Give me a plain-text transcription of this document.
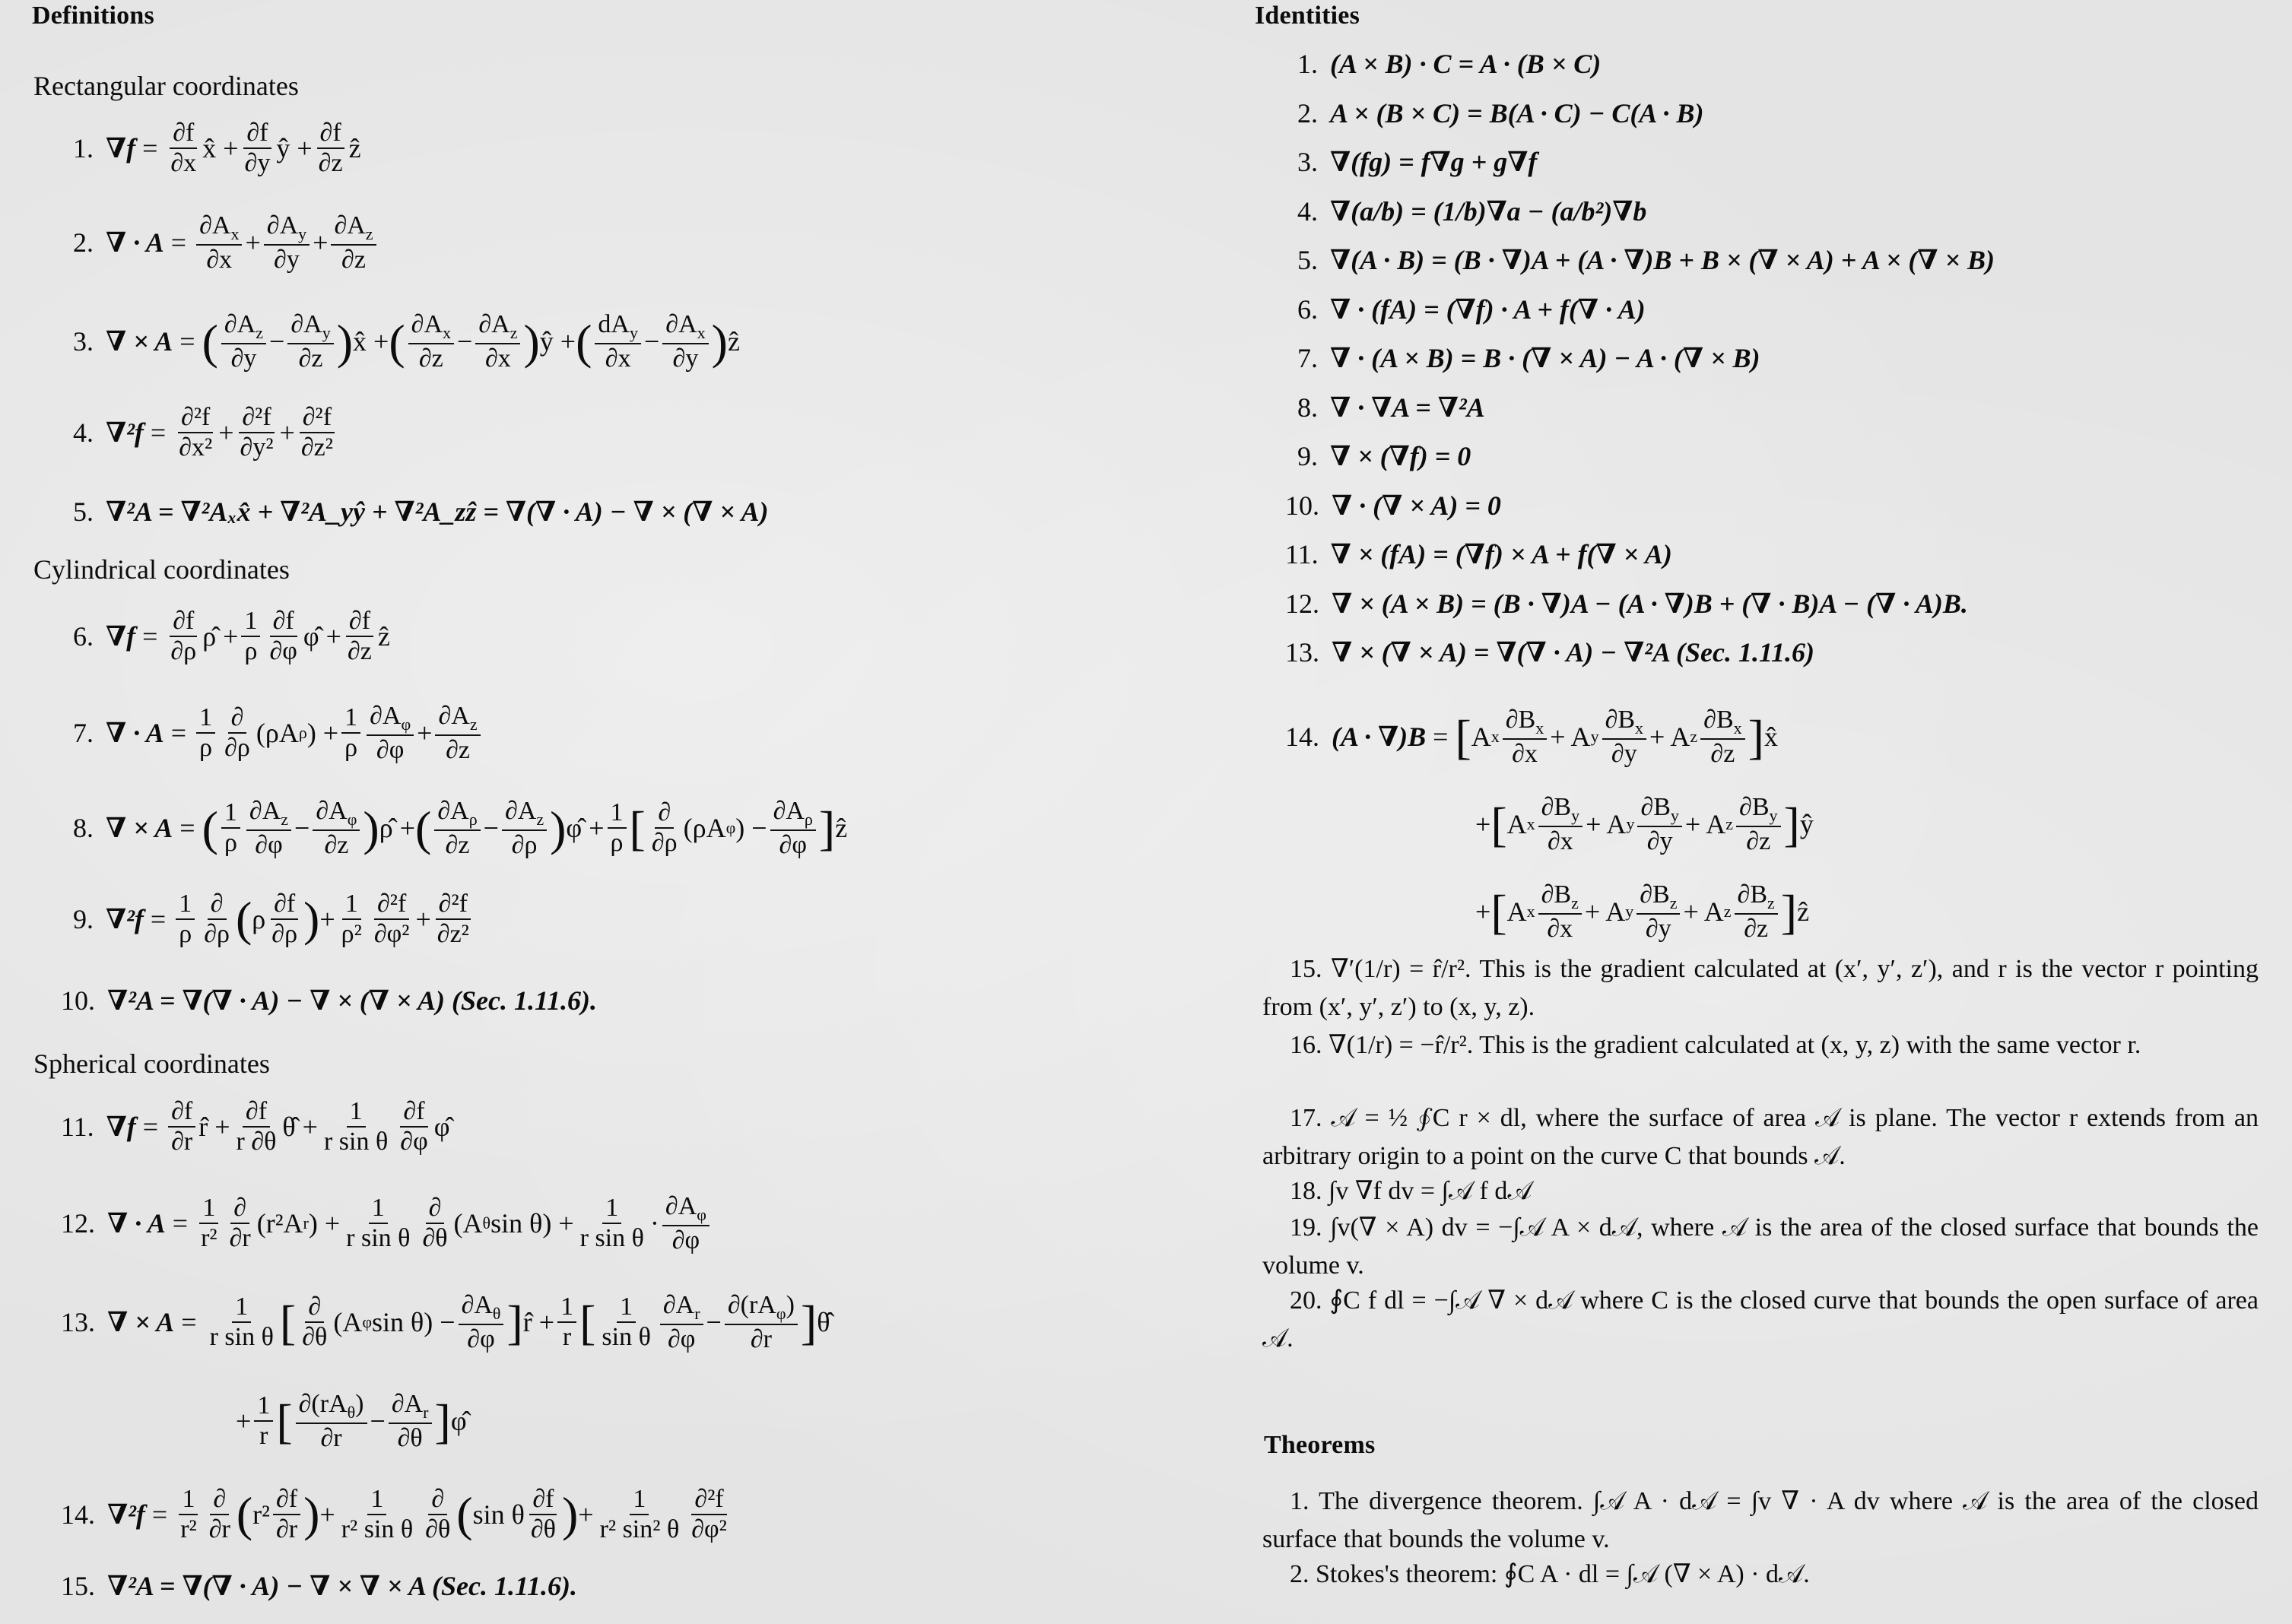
Definitions
Rectangular coordinates
1. $\nabla f = \frac{\partial f}{\partial x}$ x̂ + $\frac{\partial f}{\partial y}$ ŷ + $\frac{\partial f}{\partial z}$ ẑ
2. ∇ · $A = \frac{\partial A_x}{\partial x} + \frac{\partial A_y}{\partial y} + \frac{\partial A_z}{\partial z}$
3. ∇ × A = ( $\frac{\partial A_z}{\partial y} - \frac{\partial A_y}{\partial z}$ ) x̂ + ( $\frac{\partial A_x}{\partial z} - \frac{\partial A_z}{\partial x}$ ) ŷ + ( $\frac{dA_y}{\partial x} - \frac{\partial A_x}{\partial y}$ ) ẑ
4. $\nabla^2f = \frac{\text{∂²f}}{\text{∂x²}} + \frac{\text{∂²f}}{\text{∂y²}} + \frac{\text{∂²f}}{\text{∂z²}}$
5. ∇²A = ∇²Aₓx̂ + ∇²A_yŷ + ∇²A_zẑ = ∇(∇ · A) − ∇ × (∇ × A)
Cylindrical coordinates
6. $\nabla f = \frac{\partial f}{\partial\rho}$ ρ̂ + $\frac{1}{\rho} \frac{\partial f}{\partial\varphi}$ φ̂ + $\frac{\partial f}{\partial z}$ ẑ
7. ∇ · $A = \frac{1}{\rho} \frac{\partial}{\partial\rho} (\rho A$ ρ ) + $\frac{1}{\rho} \frac{\partial A_\varphi}{\partial\varphi} + \frac{\partial A_z}{\partial z}$
8. ∇ × A = ( $\frac{1}{\rho} \frac{\partial A_z}{\partial\varphi} - \frac{\partial A_\varphi}{\partial z}$ ) ρ̂ + ( $\frac{\partial A_\rho}{\partial z} - \frac{\partial A_z}{\partial\rho}$ ) φ̂ + $\frac{1}{\rho}$ [ $\frac{\partial}{\partial\rho} (\rho A$ φ ) − $\frac{\partial A_\rho}{\partial\varphi}$ ] ẑ
9. $\nabla^2f = \frac{1}{\rho} \frac{\partial}{\partial\rho}$ ( ρ $\frac{\partial f}{\partial\rho}$ ) + $\frac{1}{\text{ρ²}} \frac{\text{∂²f}}{\text{∂φ²}} + \frac{\text{∂²f}}{\text{∂z²}}$
10. ∇²A = ∇(∇ · A) − ∇ × (∇ × A) (Sec. 1.11.6).
Spherical coordinates
11. $\nabla f = \frac{\partial f}{\partial r}$ r̂ + $\frac{\partial f}{r \partial\theta}$ θ̂ + $\frac{1}{\text{r sin θ}} \frac{\partial f}{\partial\varphi}$ φ̂
12. ∇ · $A = \frac{1}{\text{r²}} \frac{\partial}{\partial r} (r^2A$ r ) + $\frac{1}{\text{r sin θ}} \frac{\partial}{\partial\theta} (A$ θ $\sin \theta) + \frac{1}{\text{r sin θ}} \cdot \frac{\partial A_\varphi}{\partial\varphi}$
13. ∇ × $A = \frac{1}{\text{r sin θ}}$ [ $\frac{\partial}{\partial\theta} (A$ φ $\sin \theta) - \frac{\partial A_\theta}{\partial\varphi}$ ] r̂ + $\frac{1}{r}$ [ $\frac{1}{\text{sin θ}} \frac{\partial A_r}{\partial\varphi} - \frac{\partial(rA_\varphi)}{\partial r}$ ] θ̂
+ $\frac{1}{r}$ [ $\frac{\partial(rA_\theta)}{\partial r} - \frac{\partial A_r}{\partial\theta}$ ] φ̂
14. $\nabla^2f = \frac{1}{\text{r²}} \frac{\partial}{\partial r}$ ( $r^2 \frac{\partial f}{\partial r}$ ) + $\frac{1}{\text{r² sin θ}} \frac{\partial}{\partial\theta}$ ( sin θ $\frac{\partial f}{\partial\theta}$ ) + $\frac{1}{\text{r² sin² θ}} \frac{\text{∂²f}}{\text{∂φ²}}$
15. ∇²A = ∇(∇ · A) − ∇ × ∇ × A (Sec. 1.11.6).
Identities
1. (A × B) · C = A · (B × C)
2. A × (B × C) = B(A · C) − C(A · B)
3. ∇(fg) = f∇g + g∇f
4. ∇(a/b) = (1/b)∇a − (a/b²)∇b
5. ∇(A · B) = (B · ∇)A + (A · ∇)B + B × (∇ × A) + A × (∇ × B)
6. ∇ · (fA) = (∇f) · A + f(∇ · A)
7. ∇ · (A × B) = B · (∇ × A) − A · (∇ × B)
8. ∇ · ∇A = ∇²A
9. ∇ × (∇f) = 0
10. ∇ · (∇ × A) = 0
11. ∇ × (fA) = (∇f) × A + f(∇ × A)
12. ∇ × (A × B) = (B · ∇)A − (A · ∇)B + (∇ · B)A − (∇ · A)B.
13. ∇ × (∇ × A) = ∇(∇ · A) − ∇²A (Sec. 1.11.6)
14. (A · ∇)B = [ A x $\frac{\partial B_x}{\partial x} + A$ y $\frac{\partial B_x}{\partial y} + A$ z $\frac{\partial B_x}{\partial z}$ ] x̂
+ [ A x $\frac{\partial B_y}{\partial x} + A$ y $\frac{\partial B_y}{\partial y} + A$ z $\frac{\partial B_y}{\partial z}$ ] ŷ
+ [ A x $\frac{\partial B_z}{\partial x} + A$ y $\frac{\partial B_z}{\partial y} + A$ z $\frac{\partial B_z}{\partial z}$ ] ẑ
15. ∇′(1/r) = r̂/r². This is the gradient calculated at (x′, y′, z′), and r is the vector r pointing from (x′, y′, z′) to (x, y, z).
16. ∇(1/r) = −r̂/r². This is the gradient calculated at (x, y, z) with the same vector r.
17. 𝒜 = ½ ∮C r × dl, where the surface of area 𝒜 is plane. The vector r extends from an arbitrary origin to a point on the curve C that bounds 𝒜.
18. ∫v ∇f dv = ∫𝒜 f d𝒜
19. ∫v(∇ × A) dv = −∫𝒜 A × d𝒜, where 𝒜 is the area of the closed surface that bounds the volume v.
20. ∮C f dl = −∫𝒜 ∇ × d𝒜 where C is the closed curve that bounds the open surface of area 𝒜.
Theorems
1. The divergence theorem. ∫𝒜 A · d𝒜 = ∫v ∇ · A dv where 𝒜 is the area of the closed surface that bounds the volume v.
2. Stokes's theorem: ∮C A · dl = ∫𝒜 (∇ × A) · d𝒜.
